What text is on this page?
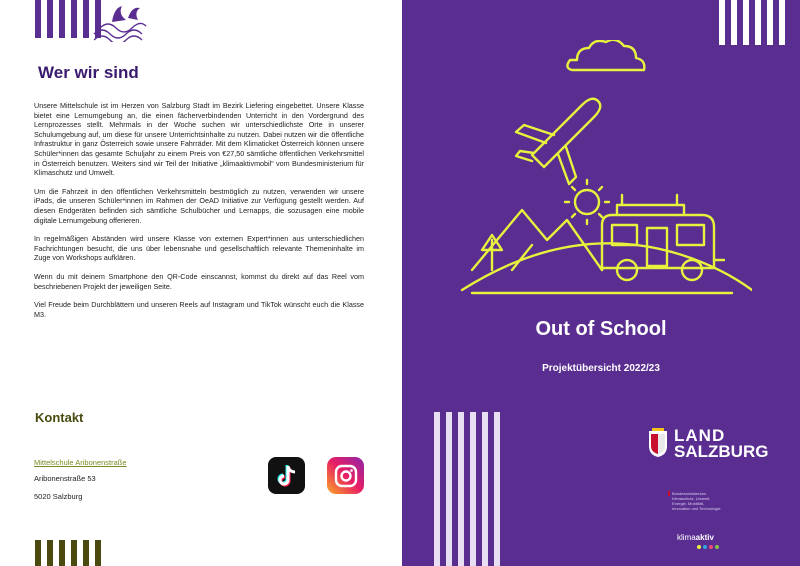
Wer wir sind

Unsere Mittelschule ist im Herzen von Salzburg Stadt im Bezirk Liefering eingebettet. Unsere Klasse bietet eine Lernumgebung an, die einen fächerverbindenden Unterricht in den Vordergrund des Lernprozesses stellt. Mehrmals in der Woche suchen wir unterschiedlichste Orte in unserer Schulumgebung auf, um diese für unsere Unterrichtsinhalte zu nutzen. Dabei nutzen wir die öffentliche Infrastruktur in ganz Österreich sowie unsere Fahrräder. Mit dem Klimaticket Österreich können unsere Schüler*innen das gesamte Schuljahr zu einem Preis von €27,50 sämtliche öffentlichen Verkehrsmittel in Österreich benutzen. Weiters sind wir Teil der Initiative „klimaaktivmobil“ vom Bundesministerium für Klimaschutz und Umwelt.

Um die Fahrzeit in den öffentlichen Verkehrsmitteln bestmöglich zu nutzen, verwenden wir unsere iPads, die unseren Schüler*innen im Rahmen der OeAD Initiative zur Verfügung gestellt werden. Auf diesen Endgeräten befinden sich sämtliche Schulbücher und Lernapps, die sozusagen eine mobile digitale Lernumgebung offerieren.

In regelmäßigen Abständen wird unsere Klasse von externen Expert*innen aus unterschiedlichen Fachrichtungen besucht, die uns über lebensnahe und gesellschaftlich relevante Themeninhalte im Zuge von Workshops aufklären.

Wenn du mit deinem Smartphone den QR-Code einscannst, kommst du direkt auf das Reel vom beschriebenen Projekt der jeweiligen Seite.

Viel Freude beim Durchblättern und unseren Reels auf Instagram und TikTok wünscht euch die Klasse M3.

Kontakt
Mittelschule Aribonenstraße
Aribonenstraße 53
5020 Salzburg
Out of School
Projektübersicht 2022/23
LAND
SALZBURG
Bundesministerium
Klimaschutz, Umwelt,
Energie, Mobilität,
Innovation und Technologie
klimaaktiv
